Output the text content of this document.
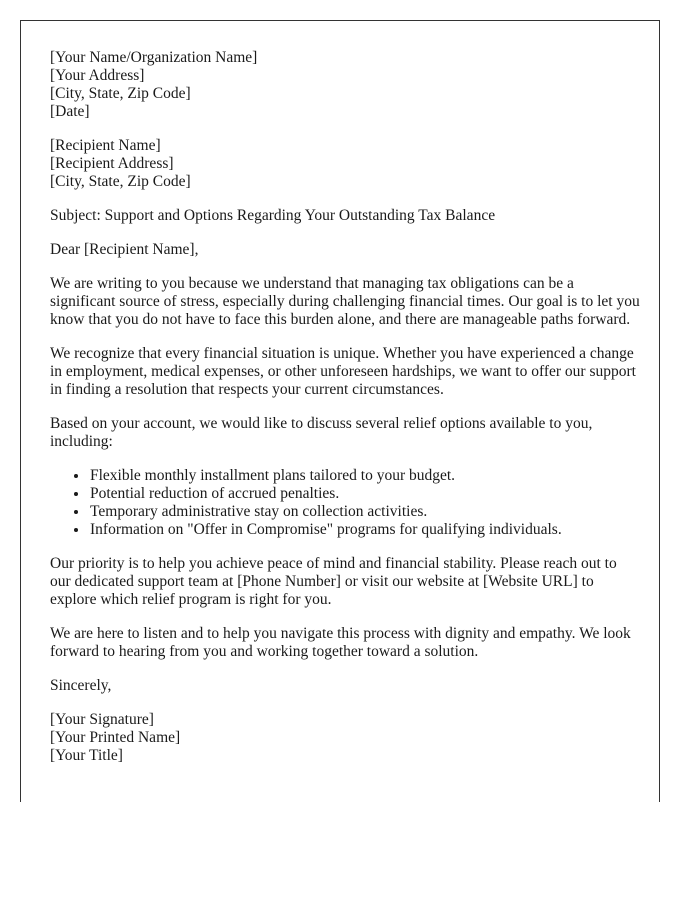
[Your Name/Organization Name]
[Your Address]
[City, State, Zip Code]
[Date]
[Recipient Name]
[Recipient Address]
[City, State, Zip Code]

Subject: Support and Options Regarding Your Outstanding Tax Balance

Dear [Recipient Name],

We are writing to you because we understand that managing tax obligations can be a significant source of stress, especially during challenging financial times. Our goal is to let you know that you do not have to face this burden alone, and there are manageable paths forward.

We recognize that every financial situation is unique. Whether you have experienced a change in employment, medical expenses, or other unforeseen hardships, we want to offer our support in finding a resolution that respects your current circumstances.

Based on your account, we would like to discuss several relief options available to you, including:

• Flexible monthly installment plans tailored to your budget.
• Potential reduction of accrued penalties.
• Temporary administrative stay on collection activities.
• Information on "Offer in Compromise" programs for qualifying individuals.

Our priority is to help you achieve peace of mind and financial stability. Please reach out to our dedicated support team at [Phone Number] or visit our website at [Website URL] to explore which relief program is right for you.

We are here to listen and to help you navigate this process with dignity and empathy. We look forward to hearing from you and working together toward a solution.

Sincerely,

[Your Signature]
[Your Printed Name]
[Your Title]
